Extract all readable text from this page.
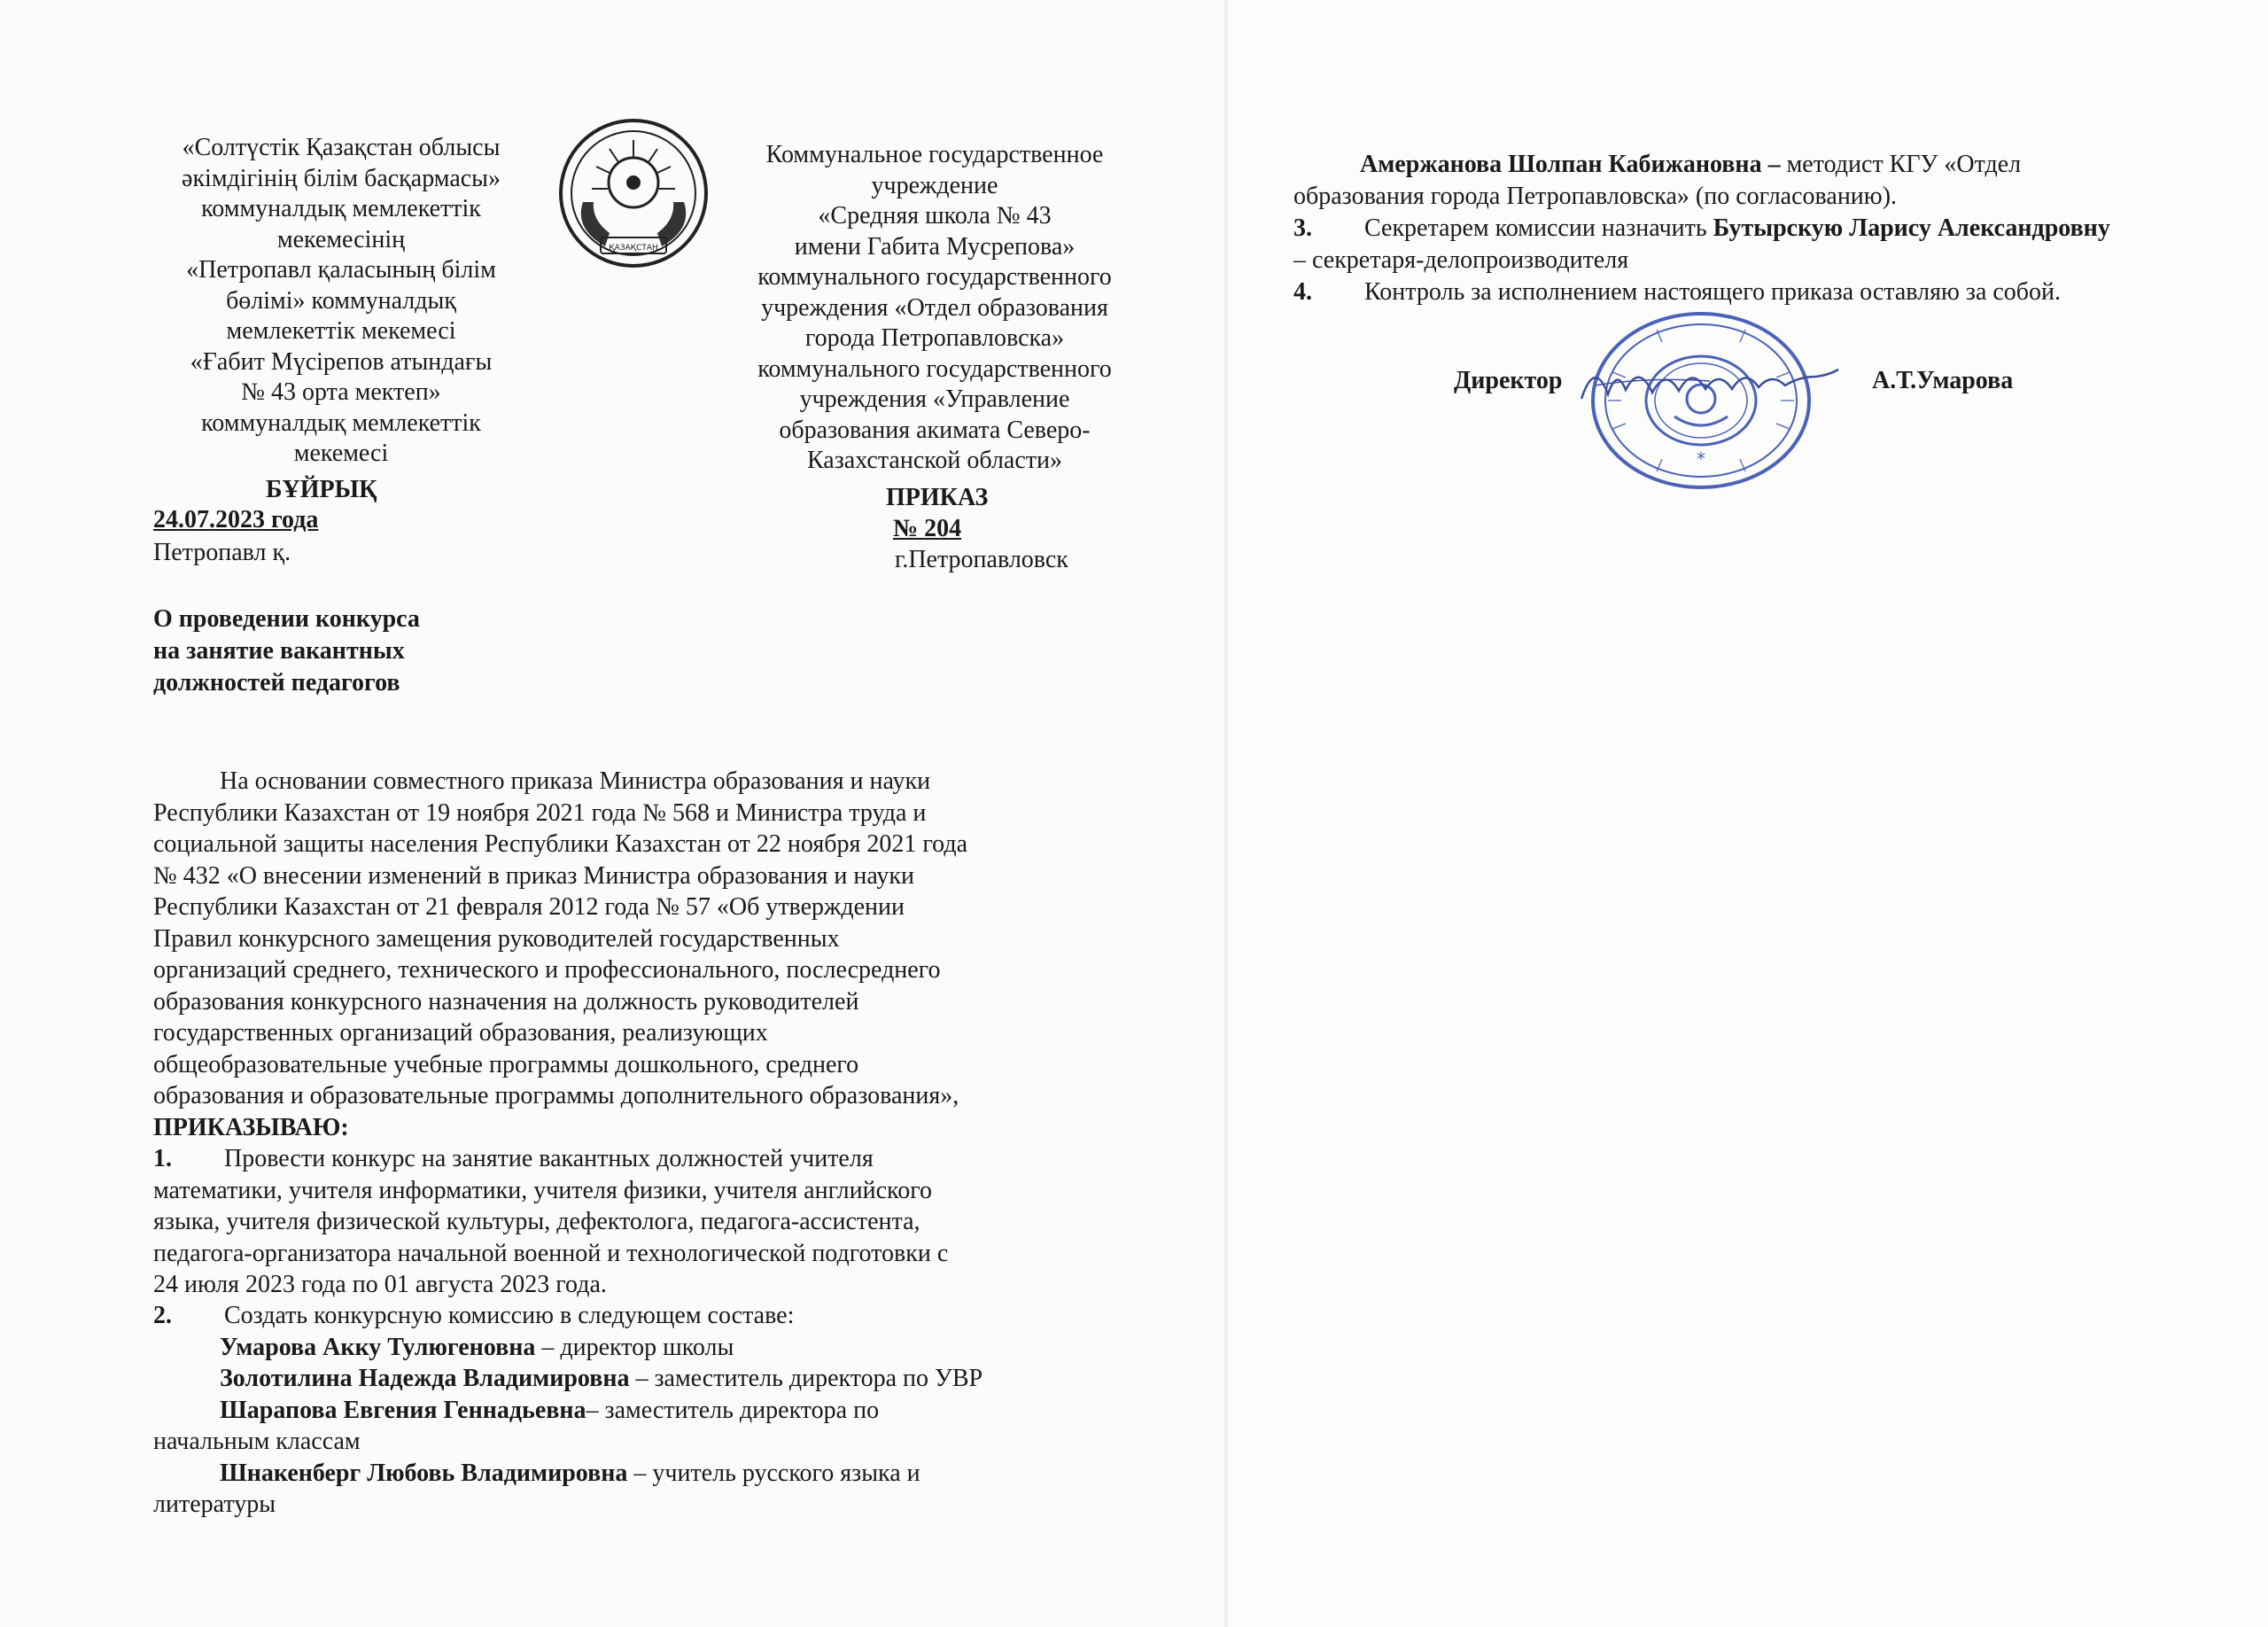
«Солтүстік Қазақстан облысы
әкімдігінің білім басқармасы»
коммуналдық мемлекеттік
мекемесінің
«Петропавл қаласының білім
бөлімі» коммуналдық
мемлекеттік мекемесі
«Ғабит Мүсірепов атындағы
№ 43 орта мектеп»
коммуналдық мемлекеттік
мекемесі
БҰЙРЫҚ
24.07.2023 года
Петропавл қ.
ҚАЗАҚСТАН
Коммунальное государственное
учреждение
«Средняя школа № 43
имени Габита Мусрепова»
коммунального государственного
учреждения «Отдел образования
города Петропавловска»
коммунального государственного
учреждения «Управление
образования акимата Северо-
Казахстанской области»
ПРИКАЗ
№ 204
г.Петропавловск
О проведении конкурса
на занятие вакантных
должностей педагогов
На основании совместного приказа Министра образования и науки
Республики Казахстан от 19 ноября 2021 года № 568 и Министра труда и
социальной защиты населения Республики Казахстан от 22 ноября 2021 года
№ 432 «О внесении изменений в приказ Министра образования и науки
Республики Казахстан от 21 февраля 2012 года № 57 «Об утверждении
Правил конкурсного замещения руководителей государственных
организаций среднего, технического и профессионального, послесреднего
образования конкурсного назначения на должность руководителей
государственных организаций образования, реализующих
общеобразовательные учебные программы дошкольного, среднего
образования и образовательные программы дополнительного образования»,
ПРИКАЗЫВАЮ:
1. Провести конкурс на занятие вакантных должностей учителя
математики, учителя информатики, учителя физики, учителя английского
языка, учителя физической культуры, дефектолога, педагога-ассистента,
педагога-организатора начальной военной и технологической подготовки с
24 июля 2023 года по 01 августа 2023 года.
2. Создать конкурсную комиссию в следующем составе:
Умарова Акку Тулюгеновна – директор школы
Золотилина Надежда Владимировна – заместитель директора по УВР
Шарапова Евгения Геннадьевна– заместитель директора по
начальным классам
Шнакенберг Любовь Владимировна – учитель русского языка и
литературы
Амержанова Шолпан Кабижановна – методист КГУ «Отдел
образования города Петропавловска» (по согласованию).
3. Секретарем комиссии назначить Бутырскую Ларису Александровну
– секретаря-делопроизводителя
4. Контроль за исполнением настоящего приказа оставляю за собой.
*
Директор	А.Т.Умарова
